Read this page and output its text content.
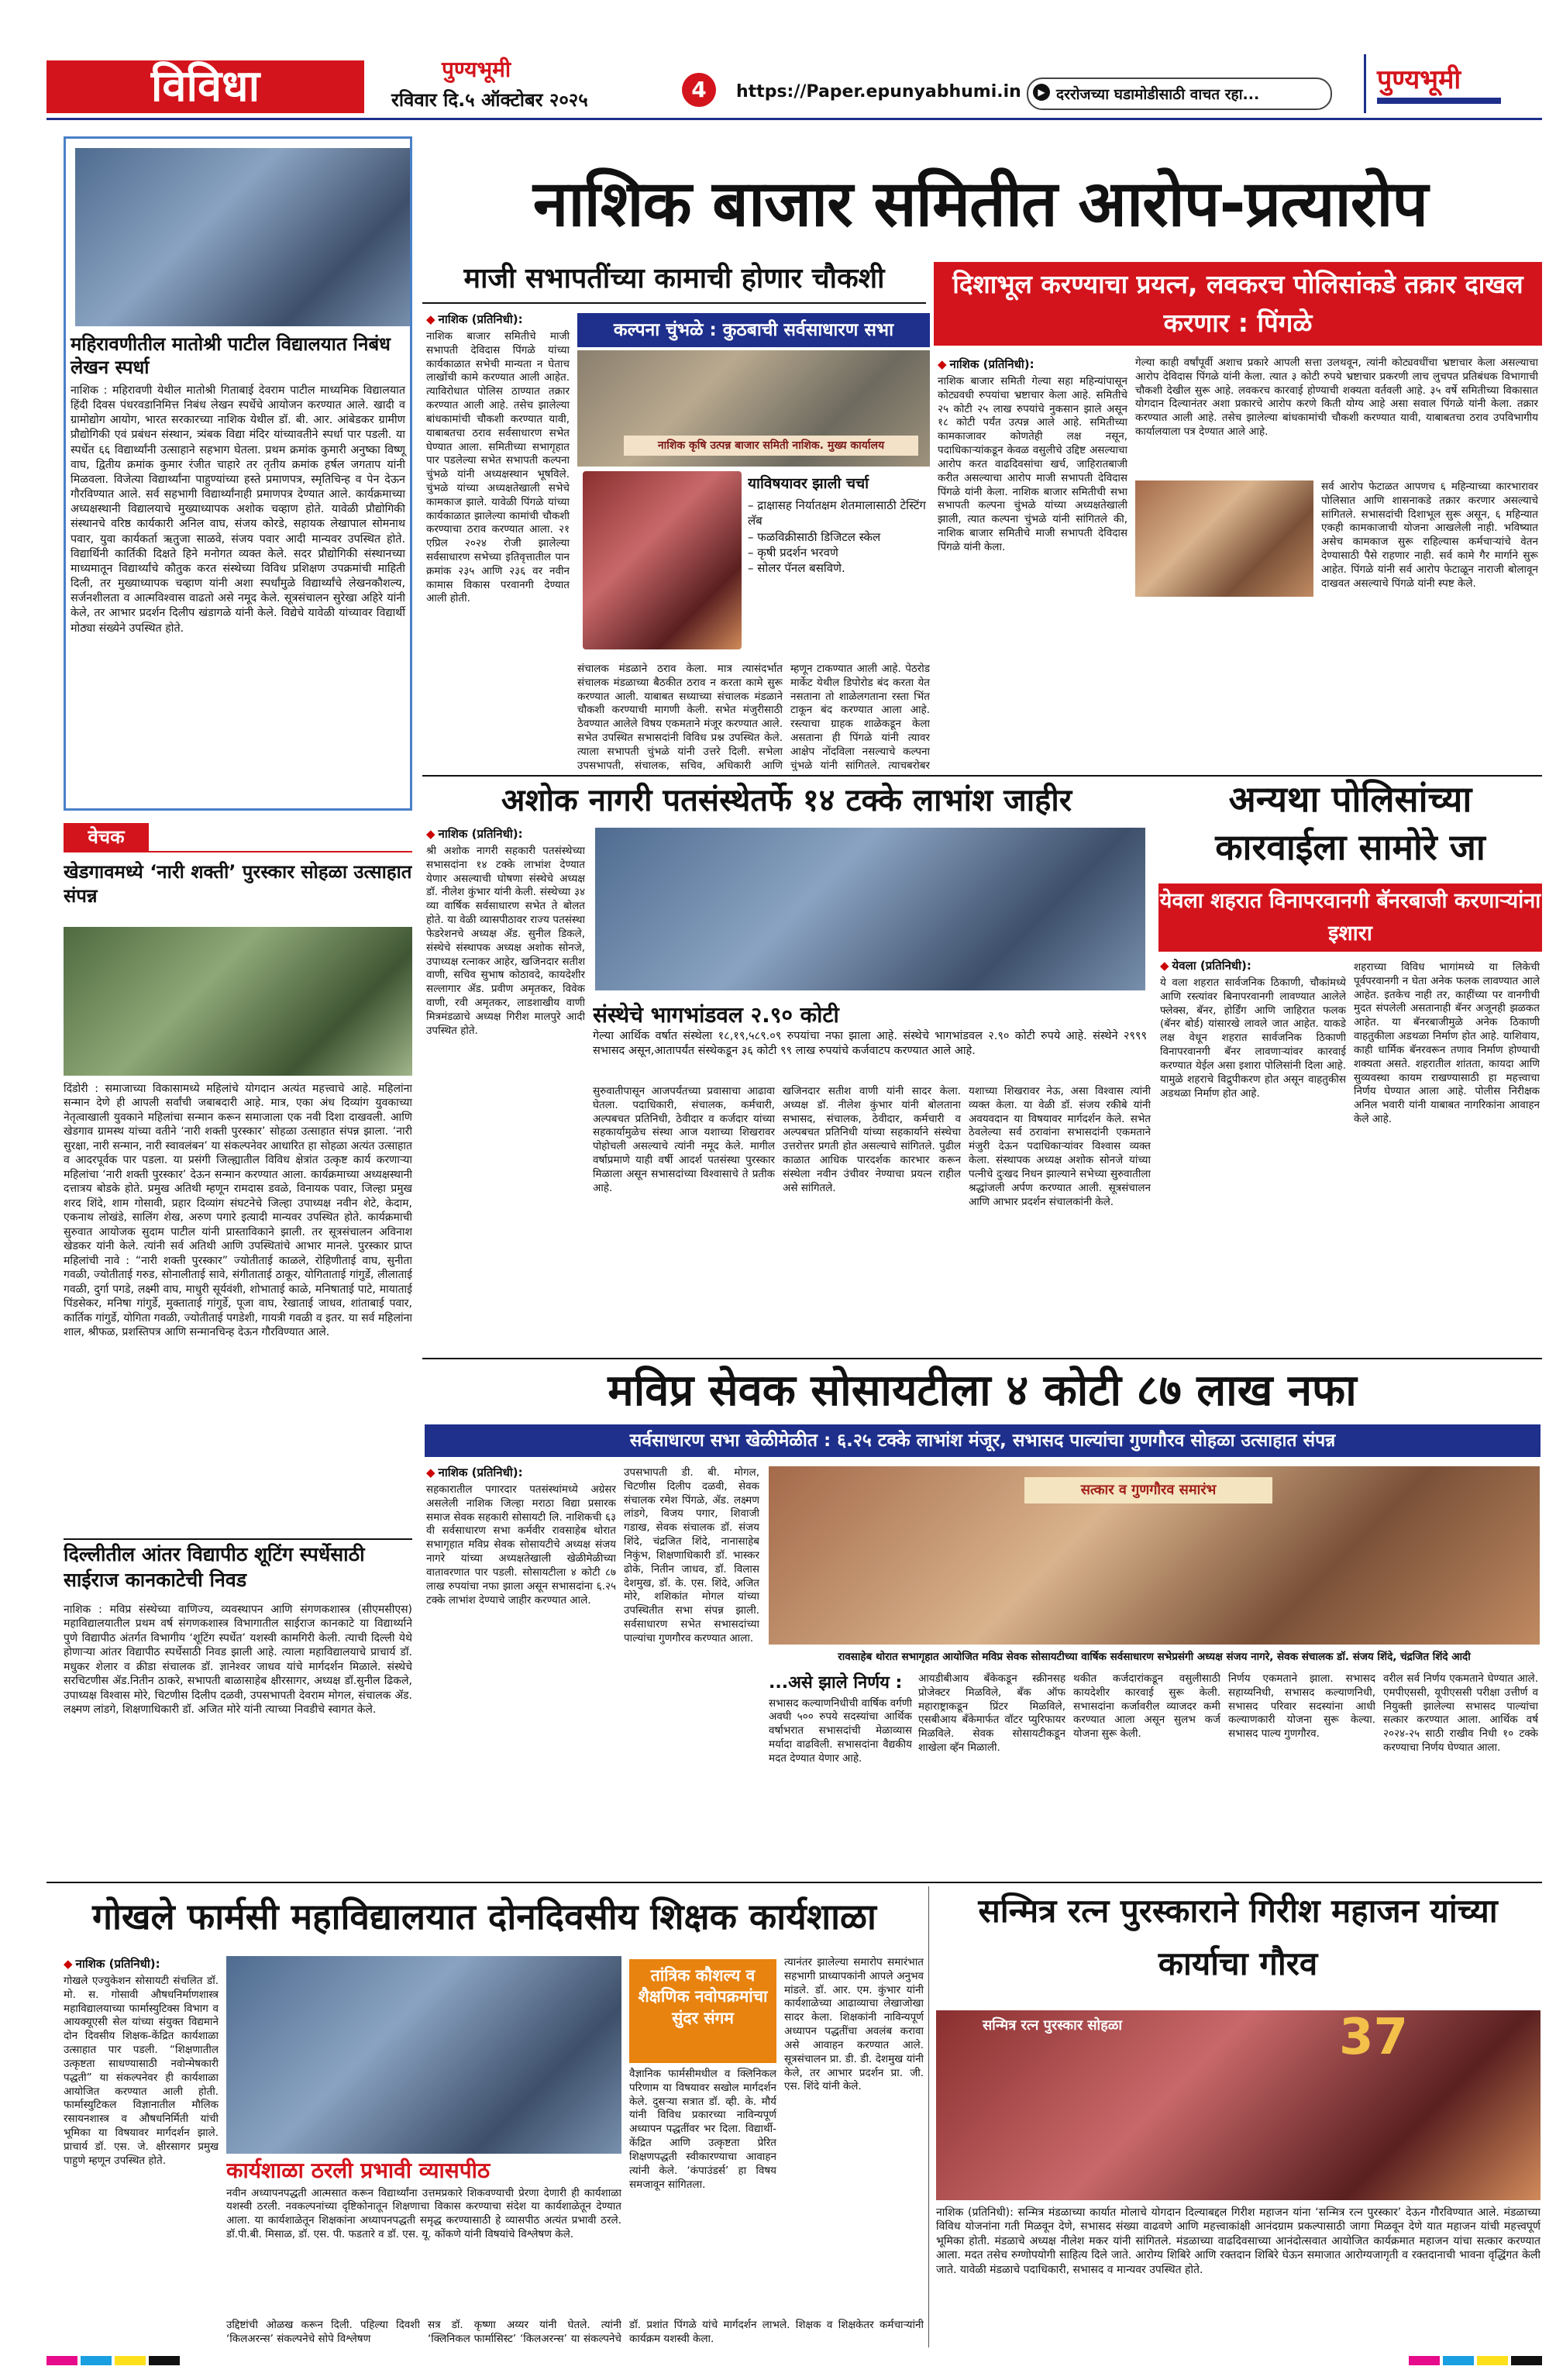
विविधा	पुण्यभूमी
रविवार दि.५ ऑक्टोबर २०२५	4	https://Paper.epunyabhumi.in	▶ दररोजच्या घडामोडीसाठी वाचत रहा...	पुण्यभूमी
महिरावणीतील मातोश्री पाटील विद्यालयात निबंध लेखन स्पर्धा
नाशिक : महिरावणी येथील मातोश्री गिताबाई देवराम पाटील माध्यमिक विद्यालयात हिंदी दिवस पंधरवडानिमित्त निबंध लेखन स्पर्धेचे आयोजन करण्यात आले. खादी व ग्रामोद्योग आयोग, भारत सरकारच्या नाशिक येथील डॉ. बी. आर. आंबेडकर ग्रामीण प्रौद्योगिकी एवं प्रबंधन संस्थान, त्र्यंबक विद्या मंदिर यांच्यावतीने स्पर्धा पार पडली. या स्पर्धेत ६६ विद्यार्थ्यांनी उत्साहाने सहभाग घेतला. प्रथम क्रमांक कुमारी अनुष्का विष्णू वाघ, द्वितीय क्रमांक कुमार रंजीत चाहारे तर तृतीय क्रमांक हर्षल जगताप यांनी मिळवला. विजेत्या विद्यार्थ्यांना पाहुण्यांच्या हस्ते प्रमाणपत्र, स्मृतिचिन्ह व पेन देऊन गौरविण्यात आले. सर्व सहभागी विद्यार्थ्यांनाही प्रमाणपत्र देण्यात आले. कार्यक्रमाच्या अध्यक्षस्थानी विद्यालयाचे मुख्याध्यापक अशोक चव्हाण होते. यावेळी प्रौद्योगिकी संस्थानचे वरिष्ठ कार्यकारी अनिल वाघ, संजय कोरडे, सहायक लेखापाल सोमनाथ पवार, युवा कार्यकर्ता ऋतुजा साळवे, संजय पवार आदी मान्यवर उपस्थित होते. विद्यार्थिनी कार्तिकी दिक्षते हिने मनोगत व्यक्त केले. सदर प्रौद्योगिकी संस्थानच्या माध्यमातून विद्यार्थ्यांचे कौतुक करत संस्थेच्या विविध प्रशिक्षण उपक्रमांची माहिती दिली, तर मुख्याध्यापक चव्हाण यांनी अशा स्पर्धांमुळे विद्यार्थ्यांचे लेखनकौशल्य, सर्जनशीलता व आत्मविश्वास वाढतो असे नमूद केले. सूत्रसंचालन सुरेखा अहिरे यांनी केले, तर आभार प्रदर्शन दिलीप खंडागळे यांनी केले. विद्येचे यावेळी यांच्यावर विद्यार्थी मोठ्या संख्येने उपस्थित होते.
नाशिक बाजार समितीत आरोप-प्रत्यारोप
माजी सभापतींच्या कामाची होणार चौकशी	दिशाभूल करण्याचा प्रयत्न, लवकरच पोलिसांकडे तक्रार दाखल करणार : पिंगळे
◆ नाशिक (प्रतिनिधी):
नाशिक बाजार समितीचे माजी सभापती देविदास पिंगळे यांच्या कार्यकाळात सभेची मान्यता न घेताच लाखोंची कामे करण्यात आली आहेत. त्याविरोधात पोलिस ठाण्यात तक्रार करण्यात आली आहे. तसेच झालेल्या बांधकामांची चौकशी करण्यात यावी, याबाबतचा ठराव सर्वसाधारण सभेत घेण्यात आला. समितीच्या सभागृहात पार पडलेल्या सभेत सभापती कल्पना चुंभळे यांनी अध्यक्षस्थान भूषविले. चुंभळे यांच्या अध्यक्षतेखाली सभेचे कामकाज झाले. यावेळी पिंगळे यांच्या कार्यकाळात झालेल्या कामांची चौकशी करण्याचा ठराव करण्यात आला. २१ एप्रिल २०२४ रोजी झालेल्या सर्वसाधारण सभेच्या इतिवृत्तातील पान क्रमांक २३५ आणि २३६ वर नवीन कामास विकास परवानगी देण्यात आली होती.
कल्पना चुंभळे : कुठबाची सर्वसाधारण सभा
नाशिक कृषि उत्पन्न बाजार समिती नाशिक. मुख्य कार्यालय
याविषयावर झाली चर्चा
– द्राक्षासह निर्यातक्षम शेतमालासाठी टेस्टिंग लॅब
– फळविक्रीसाठी डिजिटल स्केल
– कृषी प्रदर्शन भरवणे
– सोलर पॅनल बसविणे.
संचालक मंडळाने ठराव केला. मात्र त्यासंदर्भात संचालक मंडळाच्या बैठकीत ठराव न करता कामे सुरू करण्यात आली. याबाबत सध्याच्या संचालक मंडळाने चौकशी करण्याची मागणी केली. सभेत मंजुरीसाठी ठेवण्यात आलेले विषय एकमताने मंजूर करण्यात आले. सभेत उपस्थित सभासदांनी विविध प्रश्न उपस्थित केले. त्याला सभापती चुंभळे यांनी उत्तरे दिली. सभेला उपसभापती, संचालक, सचिव, अधिकारी आणि
म्हणून टाकण्यात आली आहे. पेठरोड मार्केट येथील डिपोरोड बंद करता येत नसताना तो शाळेलगताना रस्ता भिंत टाकून बंद करण्यात आला आहे. रस्त्याचा ग्राहक शाळेकडून केला असताना ही पिंगळे यांनी त्यावर आक्षेप नोंदविला नसल्याचे कल्पना चुंभळे यांनी सांगितले. त्याचबरोबर
◆ नाशिक (प्रतिनिधी):
नाशिक बाजार समिती गेल्या सहा महिन्यांपासून कोट्यवधी रुपयांचा भ्रष्टाचार केला आहे. समितीचे २५ कोटी २५ लाख रुपयांचे नुकसान झाले असून १८ कोटी पर्यंत उत्पन्न आले आहे. समितीच्या कामकाजावर कोणतेही लक्ष नसून, पदाधिकाऱ्यांकडून केवळ वसुलीचे उद्दिष्ट असल्याचा आरोप करत वाढदिवसांचा खर्च, जाहिरातबाजी करीत असल्याचा आरोप माजी सभापती देविदास पिंगळे यांनी केला. नाशिक बाजार समितीची सभा सभापती कल्पना चुंभळे यांच्या अध्यक्षतेखाली झाली, त्यात कल्पना चुंभळे यांनी सांगितले की, नाशिक बाजार समितीचे माजी सभापती देविदास पिंगळे यांनी केला.
गेल्या काही वर्षांपूर्वी अशाच प्रकारे आपली सत्ता उलथवून, त्यांनी कोट्यवधींचा भ्रष्टाचार केला असल्याचा आरोप देविदास पिंगळे यांनी केला. त्यात ३ कोटी रुपये भ्रष्टाचार प्रकरणी लाच लुचपत प्रतिबंधक विभागाची चौकशी देखील सुरू आहे. लवकरच कारवाई होण्याची शक्यता वर्तवली आहे. ३५ वर्षे समितीच्या विकासात योगदान दिल्यानंतर अशा प्रकारचे आरोप करणे किती योग्य आहे असा सवाल पिंगळे यांनी केला. तक्रार करण्यात आली आहे. तसेच झालेल्या बांधकामांची चौकशी करण्यात यावी, याबाबतचा ठराव उपविभागीय कार्यालयाला पत्र देण्यात आले आहे.
सर्व आरोप फेटाळत आपणच ६ महिन्याच्या कारभारावर पोलिसात आणि शासनाकडे तक्रार करणार असल्याचे सांगितले. सभासदांची दिशाभूल सुरू असून, ६ महिन्यात एकही कामकाजाची योजना आखलेली नाही. भविष्यात असेच कामकाज सुरू राहिल्यास कर्मचाऱ्यांचे वेतन देण्यासाठी पैसे राहणार नाही. सर्व कामे गैर मार्गाने सुरू आहेत. पिंगळे यांनी सर्व आरोप फेटाळून नाराजी बोलावून दाखवत असल्याचे पिंगळे यांनी स्पष्ट केले.
अशोक नागरी पतसंस्थेतर्फे १४ टक्के लाभांश जाहीर
◆ नाशिक (प्रतिनिधी):
श्री अशोक नागरी सहकारी पतसंस्थेच्या सभासदांना १४ टक्के लाभांश देण्यात येणार असल्याची घोषणा संस्थेचे अध्यक्ष डॉ. नीलेश कुंभार यांनी केली. संस्थेच्या ३४ व्या वार्षिक सर्वसाधारण सभेत ते बोलत होते. या वेळी व्यासपीठावर राज्य पतसंस्था फेडरेशनचे अध्यक्ष ॲड. सुनील डिकले, संस्थेचे संस्थापक अध्यक्ष अशोक सोनजे, उपाध्यक्ष रत्नाकर आहेर, खजिनदार सतीश वाणी, सचिव सुभाष कोठावदे, कायदेशीर सल्लागार ॲड. प्रवीण अमृतकर, विवेक वाणी, रवी अमृतकर, लाडशाखीय वाणी मित्रमंडळाचे अध्यक्ष गिरीश मालपुरे आदी उपस्थित होते.
संस्थेचे भागभांडवल २.९० कोटी
गेल्या आर्थिक वर्षात संस्थेला १८,१९,५८९.०९ रुपयांचा नफा झाला आहे. संस्थेचे भागभांडवल २.९० कोटी रुपये आहे. संस्थेने २९९९ सभासद असून,आतापर्यंत संस्थेकडून ३६ कोटी ९९ लाख रुपयांचे कर्जवाटप करण्यात आले आहे.
सुरुवातीपासून आजपर्यंतच्या प्रवासाचा आढावा घेतला. पदाधिकारी, संचालक, कर्मचारी, अल्पबचत प्रतिनिधी, ठेवीदार व कर्जदार यांच्या सहकार्यामुळेच संस्था आज यशाच्या शिखरावर पोहोचली असल्याचे त्यांनी नमूद केले. मागील वर्षाप्रमाणे याही वर्षी आदर्श पतसंस्था पुरस्कार मिळाला असून सभासदांच्या विश्वासाचे ते प्रतीक आहे.
खजिनदार सतीश वाणी यांनी सादर केला. अध्यक्ष डॉ. नीलेश कुंभार यांनी बोलताना सभासद, संचालक, ठेवीदार, कर्मचारी व अल्पबचत प्रतिनिधी यांच्या सहकार्याने संस्थेचा उत्तरोत्तर प्रगती होत असल्याचे सांगितले. पुढील काळात आधिक पारदर्शक कारभार करून संस्थेला नवीन उंचीवर नेण्याचा प्रयत्न राहील असे सांगितले.
यशाच्या शिखरावर नेऊ, असा विश्वास त्यांनी व्यक्त केला. या वेळी डॉ. संजय रकीबे यांनी अवयवदान या विषयावर मार्गदर्शन केले. सभेत ठेवलेल्या सर्व ठरावांना सभासदांनी एकमताने मंजुरी देऊन पदाधिकाऱ्यांवर विश्वास व्यक्त केला. संस्थापक अध्यक्ष अशोक सोनजे यांच्या पत्नीचे दुःखद निधन झाल्याने सभेच्या सुरुवातीला श्रद्धांजली अर्पण करण्यात आली. सूत्रसंचालन आणि आभार प्रदर्शन संचालकांनी केले.
अन्यथा पोलिसांच्या कारवाईला सामोरे जा
येवला शहरात विनापरवानगी बॅनरबाजी करणाऱ्यांना इशारा
◆ येवला (प्रतिनिधी):
ये वला शहरात सार्वजनिक ठिकाणी, चौकांमध्ये आणि रस्त्यांवर बिनापरवानगी लावण्यात आलेले फ्लेक्स, बॅनर, होर्डिंग आणि जाहिरात फलक (बॅनर बोर्ड) यांसारखे लावले जात आहेत. याकडे लक्ष वेधून शहरात सार्वजनिक ठिकाणी विनापरवानगी बॅनर लावणाऱ्यांवर कारवाई करण्यात येईल असा इशारा पोलिसांनी दिला आहे. यामुळे शहराचे विद्रुपीकरण होत असून वाहतुकीस अडथळा निर्माण होत आहे.
शहराच्या विविध भागांमध्ये या लिकेची पूर्वपरवानगी न घेता अनेक फलक लावण्यात आले आहेत. इतकेच नाही तर, काहींच्या पर वानगीची मुदत संपलेली असतानाही बॅनर अजूनही झळकत आहेत. या बॅनरबाजीमुळे अनेक ठिकाणी वाहतुकीला अडथळा निर्माण होत आहे. याशिवाय, काही धार्मिक बॅनरवरून तणाव निर्माण होण्याची शक्यता असते. शहरातील शांतता, कायदा आणि सुव्यवस्था कायम राखण्यासाठी हा महत्त्वाचा निर्णय घेण्यात आला आहे. पोलीस निरीक्षक अनिल भवारी यांनी याबाबत नागरिकांना आवाहन केले आहे.
वेचक
खेडगावमध्ये ‘नारी शक्ती’ पुरस्कार सोहळा उत्साहात संपन्न
दिंडोरी : समाजाच्या विकासामध्ये महिलांचे योगदान अत्यंत महत्त्वाचे आहे. महिलांना सन्मान देणे ही आपली सर्वांची जबाबदारी आहे. मात्र, एका अंध दिव्यांग युवकाच्या नेतृत्वाखाली युवकाने महिलांचा सन्मान करून समाजाला एक नवी दिशा दाखवली. आणि खेडगाव ग्रामस्थ यांच्या वतीने ‘नारी शक्ती पुरस्कार’ सोहळा उत्साहात संपन्न झाला. ‘नारी सुरक्षा, नारी सन्मान, नारी स्वावलंबन’ या संकल्पनेवर आधारित हा सोहळा अत्यंत उत्साहात व आदरपूर्वक पार पडला. या प्रसंगी जिल्ह्यातील विविध क्षेत्रांत उत्कृष्ट कार्य करणाऱ्या महिलांचा ‘नारी शक्ती पुरस्कार’ देऊन सन्मान करण्यात आला. कार्यक्रमाच्या अध्यक्षस्थानी दत्तात्रय बोडके होते. प्रमुख अतिथी म्हणून रामदास डवळे, विनायक पवार, जिल्हा प्रमुख शरद शिंदे, शाम गोसावी, प्रहार दिव्यांग संघटनेचे जिल्हा उपाध्यक्ष नवीन शेटे, केदाम, एकनाथ लोखंडे, सालिंग शेख, अरुण पगारे इत्यादी मान्यवर उपस्थित होते. कार्यक्रमाची सुरुवात आयोजक सुदाम पाटील यांनी प्रास्ताविकाने झाली. तर सूत्रसंचालन अविनाश खेडकर यांनी केले. त्यांनी सर्व अतिथी आणि उपस्थितांचे आभार मानले. पुरस्कार प्राप्त महिलांची नावे : “नारी शक्ती पुरस्कार” ज्योतीताई काळले, रोहिणीताई वाघ, सुनीता गवळी, ज्योतीताई गरुड, सोनालीताई सावे, संगीताताई ठाकूर, योगिताताई गांगुर्डे, लीलाताई गवळी, दुर्गा पगडे, लक्ष्मी वाघ, माधुरी सूर्यवंशी, शोभाताई काळे, मनिषाताई पाटे, मायाताई पिंडसेकर, मनिषा गांगुर्डे, मुक्ताताई गांगुर्डे, पूजा वाघ, रेखाताई जाधव, शांताबाई पवार, कार्तिक गांगुर्डे, योगिता गवळी, ज्योतीताई पगडेशी, गायत्री गवळी व इतर. या सर्व महिलांना शाल, श्रीफळ, प्रशस्तिपत्र आणि सन्मानचिन्ह देऊन गौरविण्यात आले.
दिल्लीतील आंतर विद्यापीठ शूटिंग स्पर्धेसाठी साईराज कानकाटेची निवड
नाशिक : मविप्र संस्थेच्या वाणिज्य, व्यवस्थापन आणि संगणकशास्त्र (सीएमसीएस) महाविद्यालयातील प्रथम वर्ष संगणकशास्त्र विभागातील साईराज कानकाटे या विद्यार्थ्याने पुणे विद्यापीठ अंतर्गत विभागीय ‘शूटिंग स्पर्धेत’ यशस्वी कामगिरी केली. त्याची दिल्ली येथे होणाऱ्या आंतर विद्यापीठ स्पर्धेसाठी निवड झाली आहे. त्याला महाविद्यालयाचे प्राचार्य डॉ. मधुकर शेलार व क्रीडा संचालक डॉ. ज्ञानेश्वर जाधव यांचे मार्गदर्शन मिळाले. संस्थेचे सरचिटणीस ॲड.नितीन ठाकरे, सभापती बाळासाहेब क्षीरसागर, अध्यक्ष डॉ.सुनील ढिकले, उपाध्यक्ष विश्वास मोरे, चिटणीस दिलीप दळवी, उपसभापती देवराम मोगल, संचालक ॲड. लक्ष्मण लांडगे, शिक्षणाधिकारी डॉ. अजित मोरे यांनी त्याच्या निवडीचे स्वागत केले.
मविप्र सेवक सोसायटीला ४ कोटी ८७ लाख नफा
सर्वसाधारण सभा खेळीमेळीत : ६.२५ टक्के लाभांश मंजूर, सभासद पाल्यांचा गुणगौरव सोहळा उत्साहात संपन्न
◆ नाशिक (प्रतिनिधी):
सहकारातील पगारदार पतसंस्थांमध्ये अग्रेसर असलेली नाशिक जिल्हा मराठा विद्या प्रसारक समाज सेवक सहकारी सोसायटी लि. नाशिकची ६३ वी सर्वसाधारण सभा कर्मवीर रावसाहेब थोरात सभागृहात मविप्र सेवक सोसायटीचे अध्यक्ष संजय नागरे यांच्या अध्यक्षतेखाली खेळीमेळीच्या वातावरणात पार पडली. सोसायटीला ४ कोटी ८७ लाख रुपयांचा नफा झाला असून सभासदांना ६.२५ टक्के लाभांश देण्याचे जाहीर करण्यात आले.
उपसभापती डी. बी. मोगल, चिटणीस दिलीप दळवी, सेवक संचालक रमेश पिंगळे, ॲड. लक्ष्मण लांडगे, विजय पगार, शिवाजी गडाख, सेवक संचालक डॉ. संजय शिंदे, चंद्रजित शिंदे, नानासाहेब निकुंभ, शिक्षणाधिकारी डॉ. भास्कर ढोके, नितीन जाधव, डॉ. विलास देशमुख, डॉ. के. एस. शिंदे, अजित मोरे, शशिकांत मोगल यांच्या उपस्थितीत सभा संपन्न झाली. सर्वसाधारण सभेत सभासदांच्या पाल्यांचा गुणगौरव करण्यात आला.
सत्कार व गुणगौरव समारंभ
रावसाहेब थोरात सभागृहात आयोजित मविप्र सेवक सोसायटीच्या वार्षिक सर्वसाधारण सभेप्रसंगी अध्यक्ष संजय नागरे, सेवक संचालक डॉ. संजय शिंदे, चंद्रजित शिंदे आदी
...असे झाले निर्णय :
सभासद कल्याणनिधीची वार्षिक वर्गणी अवघी ५०० रुपये सदस्यांचा आर्थिक वर्षाभरात सभासदांची मेळाव्यास मर्यादा वाढविली. सभासदांना वैद्यकीय मदत देण्यात येणार आहे.
आयडीबीआय बँकेकडून स्क्रीनसह प्रोजेक्टर मिळविले, बँक ऑफ महाराष्ट्राकडून प्रिंटर मिळविले, एसबीआय बँकेमार्फत वॉटर प्युरिफायर मिळविले. सेवक सोसायटीकडून शाखेला व्हॅन मिळाली.
थकीत कर्जदारांकडून वसुलीसाठी कायदेशीर कारवाई सुरू केली. सभासदांना कर्जावरील व्याजदर कमी करण्यात आला असून सुलभ कर्ज योजना सुरू केली.
निर्णय एकमताने झाला. सभासद सहाय्यनिधी, सभासद कल्याणनिधी, सभासद परिवार सदस्यांना आधी कल्याणकारी योजना सुरू केल्या. सभासद पाल्य गुणगौरव.
वरील सर्व निर्णय एकमताने घेण्यात आले. एमपीएससी, यूपीएससी परीक्षा उत्तीर्ण व नियुक्ती झालेल्या सभासद पाल्यांचा सत्कार करण्यात आला. आर्थिक वर्ष २०२४-२५ साठी राखीव निधी १० टक्के करण्याचा निर्णय घेण्यात आला.
गोखले फार्मसी महाविद्यालयात दोनदिवसीय शिक्षक कार्यशाळा
◆ नाशिक (प्रतिनिधी):
गोखले एज्युकेशन सोसायटी संचलित डॉ. मो. स. गोसावी औषधनिर्माणशास्त्र महाविद्यालयाच्या फार्मास्युटिक्स विभाग व आयक्यूएसी सेल यांच्या संयुक्त विद्यमाने दोन दिवसीय शिक्षक-केंद्रित कार्यशाळा उत्साहात पार पडली. “शिक्षणातील उत्कृष्टता साधण्यासाठी नवोन्मेषकारी पद्धती” या संकल्पनेवर ही कार्यशाळा आयोजित करण्यात आली होती. फार्मास्युटिकल विज्ञानातील मौलिक रसायनशास्त्र व औषधनिर्मिती यांची भूमिका या विषयावर मार्गदर्शन झाले. प्राचार्य डॉ. एस. जे. क्षीरसागर प्रमुख पाहुणे म्हणून उपस्थित होते.	कार्यशाळा ठरली प्रभावी व्यासपीठ
नवीन अध्यापनपद्धती आत्मसात करून विद्यार्थ्यांना उत्तमप्रकारे शिकवण्याची प्रेरणा देणारी ही कार्यशाळा यशस्वी ठरली. नवकल्पनांच्या दृष्टिकोनातून शिक्षणाचा विकास करण्याचा संदेश या कार्यशाळेतून देण्यात आला. या कार्यशाळेतून शिक्षकांना अध्यापनपद्धती समृद्ध करण्यासाठी हे व्यासपीठ अत्यंत प्रभावी ठरले. डॉ.पी.बी. मिसाळ, डॉ. एस. पी. फडतारे व डॉ. एस. यू. कोंकणे यांनी विषयांचे विश्लेषण केले.
तांत्रिक कौशल्य व शैक्षणिक नवोपक्रमांचा सुंदर संगम
वैज्ञानिक फार्मसीमधील व क्लिनिकल परिणाम या विषयावर सखोल मार्गदर्शन केले. दुसऱ्या सत्रात डॉ. व्ही. के. मौर्य यांनी विविध प्रकारच्या नाविन्यपूर्ण अध्यापन पद्धतींवर भर दिला. विद्यार्थी-केंद्रित आणि उत्कृष्टता प्रेरित शिक्षणपद्धती स्वीकारण्याचा आवाहन त्यांनी केले. ‘कंपाउंडर्स’ हा विषय समजावून सांगितला.
त्यानंतर झालेल्या समारोप समारंभात सहभागी प्राध्यापकांनी आपले अनुभव मांडले. डॉ. आर. एम. कुंभार यांनी कार्यशाळेच्या आढाव्याचा लेखाजोखा सादर केला. शिक्षकांनी नाविन्यपूर्ण अध्यापन पद्धतींचा अवलंब करावा असे आवाहन करण्यात आले. सूत्रसंचालन प्रा. डी. डी. देशमुख यांनी केले, तर आभार प्रदर्शन प्रा. जी. एस. शिंदे यांनी केले.
उद्दिष्टांची ओळख करून दिली. पहिल्या दिवशी ‘किलअरन्स’ संकल्पनेचे सोपे विश्लेषण
सत्र डॉ. कृष्णा अय्यर यांनी घेतले. त्यांनी ‘क्लिनिकल फार्मासिस्ट’ ‘किलअरन्स’ या संकल्पनेचे
डॉ. प्रशांत पिंगळे यांचे मार्गदर्शन लाभले. शिक्षक व शिक्षकेतर कर्मचाऱ्यांनी कार्यक्रम यशस्वी केला.
सन्मित्र रत्न पुरस्काराने गिरीश महाजन यांच्या कार्याचा गौरव
सन्मित्र रत्न पुरस्कार सोहळा	37
नाशिक (प्रतिनिधी): सन्मित्र मंडळाच्या कार्यात मोलाचे योगदान दिल्याबद्दल गिरीश महाजन यांना ‘सन्मित्र रत्न पुरस्कार’ देऊन गौरविण्यात आले. मंडळाच्या विविध योजनांना गती मिळवून देणे, सभासद संख्या वाढवणे आणि महत्त्वाकांक्षी आनंदग्राम प्रकल्पासाठी जागा मिळवून देणे यात महाजन यांची महत्त्वपूर्ण भूमिका होती. मंडळाचे अध्यक्ष नीलेश मकर यांनी सांगितले. मंडळाच्या वाढदिवसाच्या आनंदोत्सवात आयोजित कार्यक्रमात महाजन यांचा सत्कार करण्यात आला. मदत तसेच रुग्णोपयोगी साहित्य दिले जाते. आरोग्य शिबिरे आणि रक्तदान शिबिरे घेऊन समाजात आरोग्यजागृती व रक्तदानाची भावना वृद्धिंगत केली जाते. यावेळी मंडळाचे पदाधिकारी, सभासद व मान्यवर उपस्थित होते.
